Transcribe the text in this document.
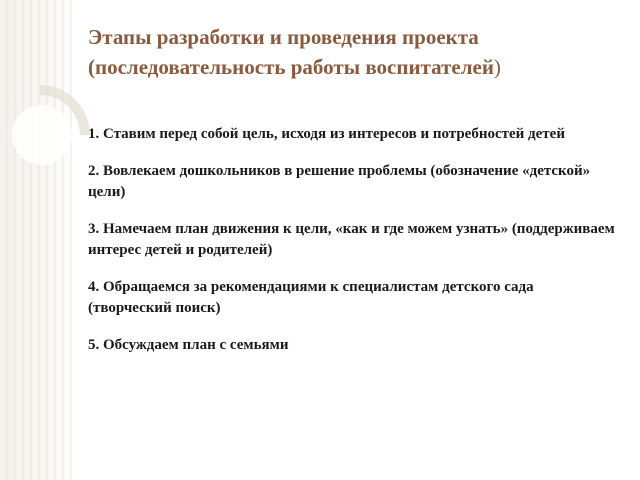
Этапы разработки и проведения проекта
(последовательность работы воспитателей)
1. Ставим перед собой цель, исходя из интересов и потребностей детей
2. Вовлекаем дошкольников в решение проблемы (обозначение «детской» цели)
3. Намечаем план движения к цели, «как и где можем узнать» (поддерживаем интерес детей и родителей)
4. Обращаемся за рекомендациями к специалистам детского сада (творческий поиск)
5. Обсуждаем план с семьями
